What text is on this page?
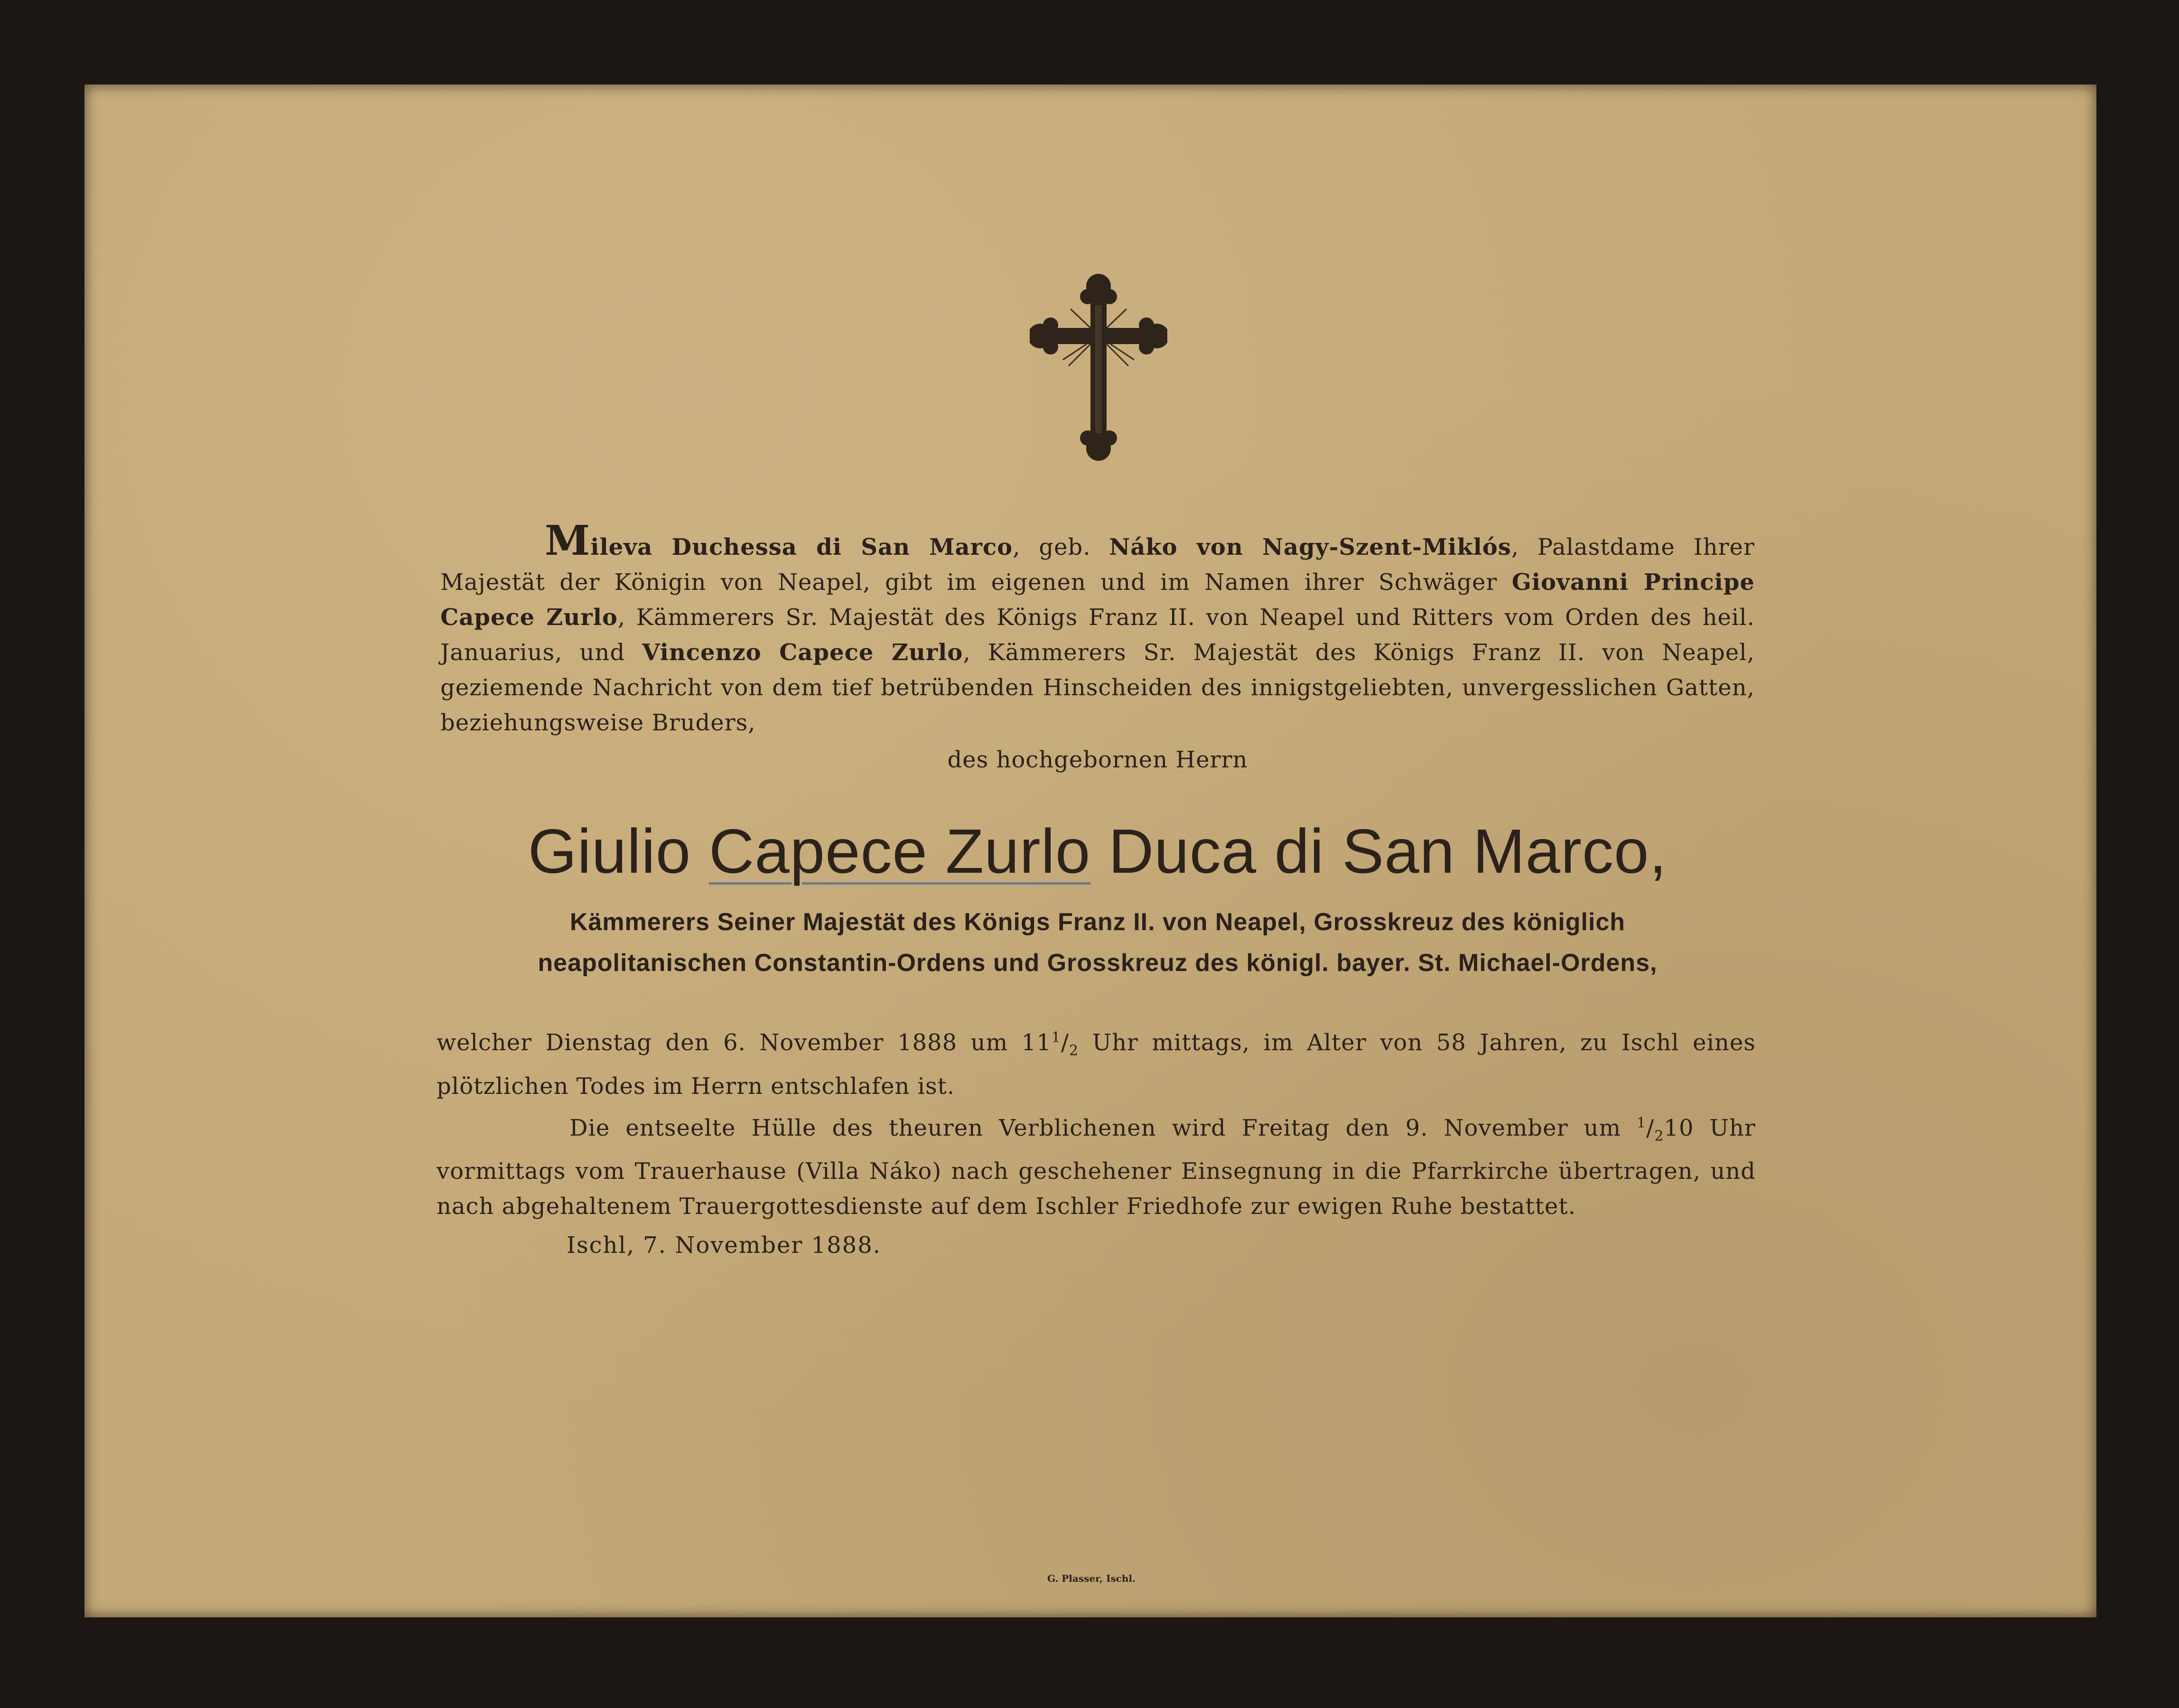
Mileva Duchessa di San Marco, geb. Náko von Nagy-Szent-Miklós, Palastdame Ihrer Majestät der Königin von Neapel, gibt im eigenen und im Namen ihrer Schwäger Giovanni Principe Capece Zurlo, Kämmerers Sr. Majestät des Königs Franz II. von Neapel und Ritters vom Orden des heil. Januarius, und Vincenzo Capece Zurlo, Kämmerers Sr. Majestät des Königs Franz II. von Neapel, geziemende Nachricht von dem tief betrübenden Hinscheiden des innigstgeliebten, unvergesslichen Gatten, beziehungsweise Bruders,
des hochgebornen Herrn
Giulio Capece Zurlo Duca di San Marco,
Kämmerers Seiner Majestät des Königs Franz II. von Neapel, Grosskreuz des königlich
neapolitanischen Constantin-Ordens und Grosskreuz des königl. bayer. St. Michael-Ordens,

welcher Dienstag den 6. November 1888 um $11^1/_2$ Uhr mittags, im Alter von 58 Jahren, zu Ischl eines plötzlichen Todes im Herrn entschlafen ist.

Die entseelte Hülle des theuren Verblichenen wird Freitag den 9. November um $^1/_210$ Uhr vormittags vom Trauerhause (Villa Náko) nach geschehener Einsegnung in die Pfarrkirche übertragen, und nach abgehaltenem Trauergottesdienste auf dem Ischler Friedhofe zur ewigen Ruhe bestattet.

Ischl, 7. November 1888.
G. Plasser, Ischl.
